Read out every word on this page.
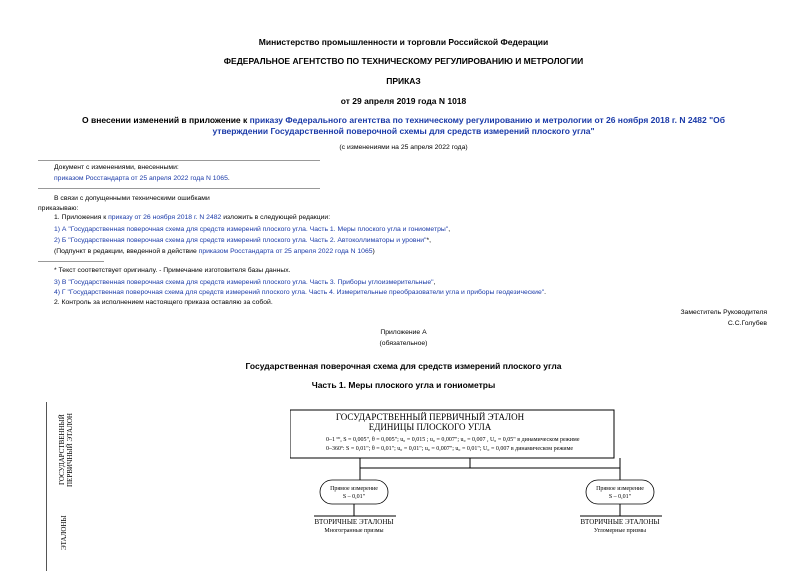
Министерство промышленности и торговли Российской Федерации
ФЕДЕРАЛЬНОЕ АГЕНТСТВО ПО ТЕХНИЧЕСКОМУ РЕГУЛИРОВАНИЮ И МЕТРОЛОГИИ
ПРИКАЗ
от 29 апреля 2019 года N 1018
О внесении изменений в приложение к приказу Федерального агентства по техническому регулированию и метрологии от 26 ноября 2018 г. N 2482 "Об
утверждении Государственной поверочной схемы для средств измерений плоского угла"
(с изменениями на 25 апреля 2022 года)
Документ с изменениями, внесенными:
приказом Росстандарта от 25 апреля 2022 года N 1065.
В связи с допущенными техническими ошибками
приказываю:
1. Приложения к приказу от 26 ноября 2018 г. N 2482 изложить в следующей редакции:
1) А "Государственная поверочная схема для средств измерений плоского угла. Часть 1. Меры плоского угла и гониометры",
2) Б "Государственная поверочная схема для средств измерений плоского угла. Часть 2. Автоколлиматоры и уровни"*,
(Подпункт в редакции, введенной в действие приказом Росстандарта от 25 апреля 2022 года N 1065)
* Текст соответствует оригиналу. - Примечание изготовителя базы данных.
3) В "Государственная поверочная схема для средств измерений плоского угла. Часть 3. Приборы углоизмерительные",
4) Г "Государственная поверочная схема для средств измерений плоского угла. Часть 4. Измерительные преобразователи угла и приборы геодезические".
2. Контроль за исполнением настоящего приказа оставляю за собой.
Заместитель Руководителя
С.С.Голубев
Приложение А
(обязательное)
Государственная поверочная схема для средств измерений плоского угла
Часть 1. Меры плоского угла и гониометры
ГОСУДАРСТВЕННЫЙ ПЕРВИЧНЫЙ ЭТАЛОН
ЭТАЛОНЫ
ГОСУДАРСТВЕННЫЙ ПЕРВИЧНЫЙ ЭТАЛОН
ЕДИНИЦЫ ПЛОСКОГО УГЛА
0–1 ºº, S = 0,005", θ = 0,005"; u₀ = 0,015 ; u₀ = 0,007"; u₀ = 0,007 , U₀ = 0,05" в динамическом режиме
0–360º: S = 0,01"; θ = 0,01"; u₀ = 0,01"; u₀ = 0,007"; u₀ = 0,01"; U₀ = 0,007 в динамическом режиме
Прямое измерение
S – 0,01"
Прямое измерение
S – 0,01"
ВТОРИЧНЫЕ ЭТАЛОНЫ
Многогранные призмы
ВТОРИЧНЫЕ ЭТАЛОНЫ
Угломерные призмы
